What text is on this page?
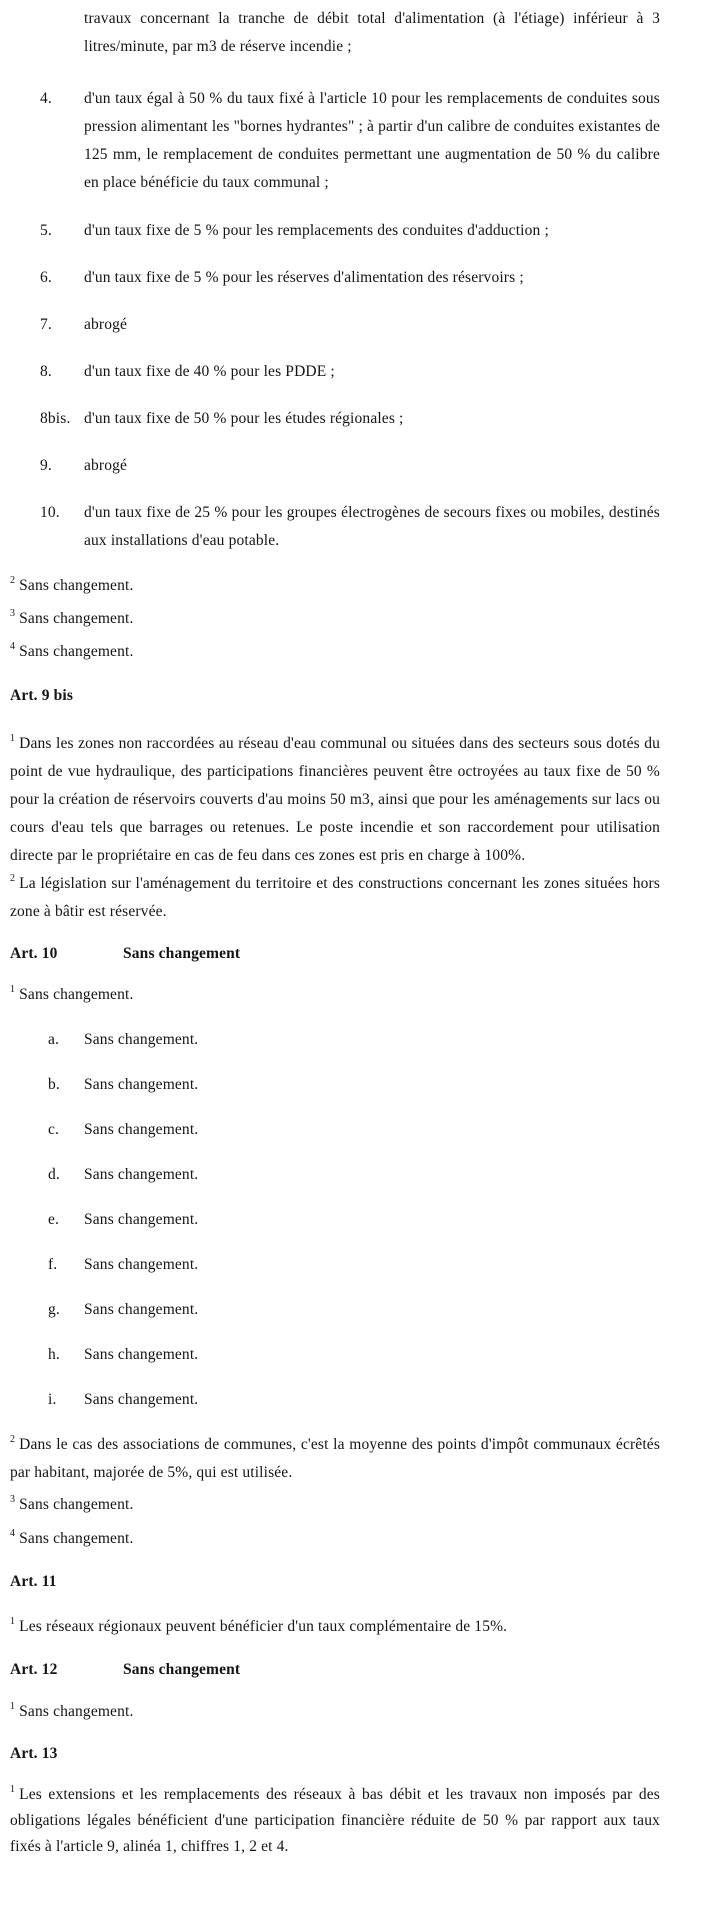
travaux concernant la tranche de débit total d'alimentation (à l'étiage) inférieur à 3 litres/minute, par m3 de réserve incendie ;

4.	d'un taux égal à 50 % du taux fixé à l'article 10 pour les remplacements de conduites sous pression alimentant les "bornes hydrantes" ; à partir d'un calibre de conduites existantes de 125 mm, le remplacement de conduites permettant une augmentation de 50 % du calibre en place bénéficie du taux communal ;
5.	d'un taux fixe de 5 % pour les remplacements des conduites d'adduction ;
6.	d'un taux fixe de 5 % pour les réserves d'alimentation des réservoirs ;
7.	abrogé
8.	d'un taux fixe de 40 % pour les PDDE ;
8bis. d'un taux fixe de 50 % pour les études régionales ;
9.	abrogé
10.	d'un taux fixe de 25 % pour les groupes électrogènes de secours fixes ou mobiles, destinés aux installations d'eau potable.

$^2$ Sans changement.

$^3$ Sans changement.

$^4$ Sans changement.

Art. 9 bis

$^1$ Dans les zones non raccordées au réseau d'eau communal ou situées dans des secteurs sous dotés du point de vue hydraulique, des participations financières peuvent être octroyées au taux fixe de 50 % pour la création de réservoirs couverts d'au moins 50 m3, ainsi que pour les aménagements sur lacs ou cours d'eau tels que barrages ou retenues. Le poste incendie et son raccordement pour utilisation directe par le propriétaire en cas de feu dans ces zones est pris en charge à 100%.

$^2$ La législation sur l'aménagement du territoire et des constructions concernant les zones situées hors zone à bâtir est réservée.

Art. 10	Sans changement

$^1$ Sans changement.

a.	Sans changement.
b.	Sans changement.
c.	Sans changement.
d.	Sans changement.
e.	Sans changement.
f.	Sans changement.
g.	Sans changement.
h.	Sans changement.
i.	Sans changement.

$^2$ Dans le cas des associations de communes, c'est la moyenne des points d'impôt communaux écrêtés par habitant, majorée de 5%, qui est utilisée.

$^3$ Sans changement.

$^4$ Sans changement.

Art. 11

$^1$ Les réseaux régionaux peuvent bénéficier d'un taux complémentaire de 15%.

Art. 12	Sans changement

$^1$ Sans changement.

Art. 13

$^1$ Les extensions et les remplacements des réseaux à bas débit et les travaux non imposés par des obligations légales bénéficient d'une participation financière réduite de 50 % par rapport aux taux fixés à l'article 9, alinéa 1, chiffres 1, 2 et 4.
